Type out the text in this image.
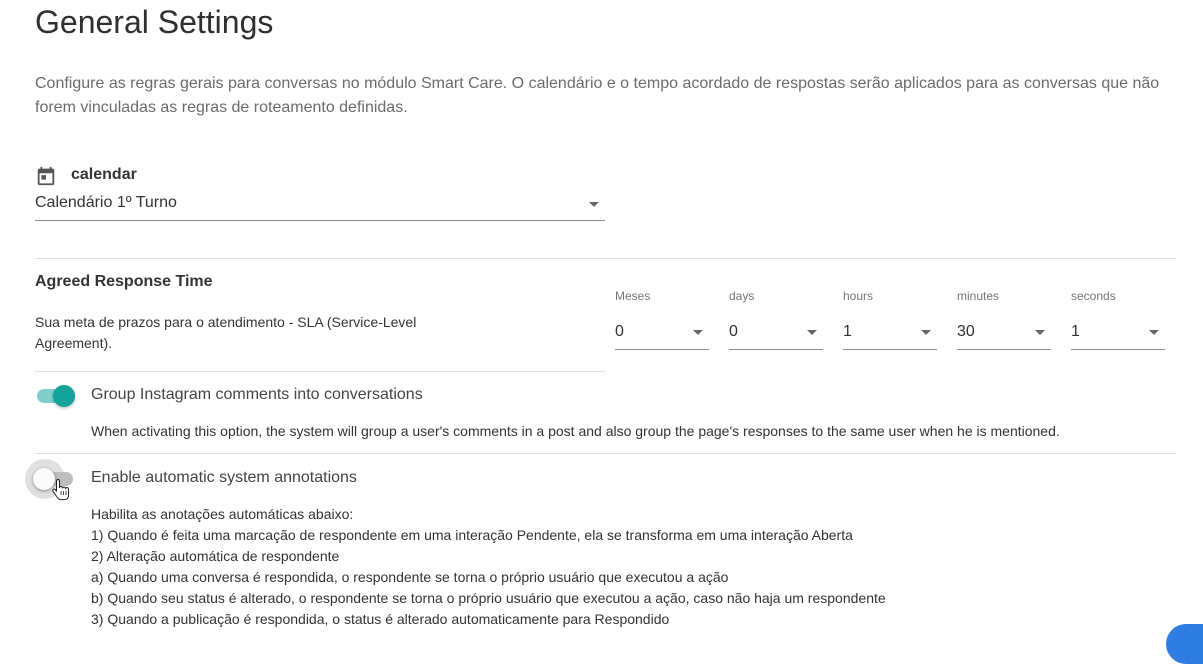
General Settings
Configure as regras gerais para conversas no módulo Smart Care. O calendário e o tempo acordado de respostas serão aplicados para as conversas que não forem vinculadas as regras de roteamento definidas.
calendar
Calendário 1º Turno
Agreed Response Time
Sua meta de prazos para o atendimento - SLA (Service-Level Agreement).
Meses
0
days
0
hours
1
minutes
30
seconds
1
Group Instagram comments into conversations
When activating this option, the system will group a user's comments in a post and also group the page's responses to the same user when he is mentioned.
Enable automatic system annotations
Habilita as anotações automáticas abaixo:
1) Quando é feita uma marcação de respondente em uma interação Pendente, ela se transforma em uma interação Aberta
2) Alteração automática de respondente
a) Quando uma conversa é respondida, o respondente se torna o próprio usuário que executou a ação
b) Quando seu status é alterado, o respondente se torna o próprio usuário que executou a ação, caso não haja um respondente
3) Quando a publicação é respondida, o status é alterado automaticamente para Respondido
